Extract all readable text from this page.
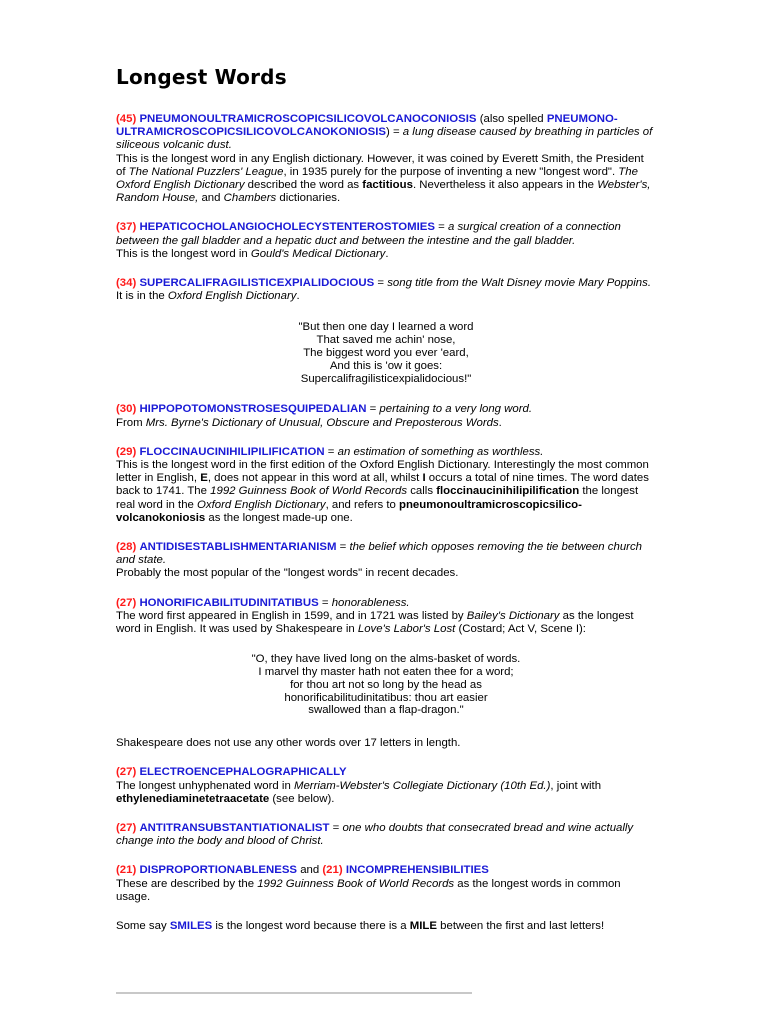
Longest Words

(45) PNEUMONOULTRAMICROSCOPICSILICOVOLCANOCONIOSIS (also spelled PNEUMONO-ULTRAMICROSCOPICSILICOVOLCANOKONIOSIS) = a lung disease caused by breathing in particles of siliceous volcanic dust.

This is the longest word in any English dictionary. However, it was coined by Everett Smith, the President of The National Puzzlers' League, in 1935 purely for the purpose of inventing a new "longest word". The Oxford English Dictionary described the word as factitious. Nevertheless it also appears in the Webster's, Random House, and Chambers dictionaries.

(37) HEPATICOCHOLANGIOCHOLECYSTENTEROSTOMIES = a surgical creation of a connection between the gall bladder and a hepatic duct and between the intestine and the gall bladder.

This is the longest word in Gould's Medical Dictionary.

(34) SUPERCALIFRAGILISTICEXPIALIDOCIOUS = song title from the Walt Disney movie Mary Poppins.

It is in the Oxford English Dictionary.

"But then one day I learned a word
That saved me achin' nose,
The biggest word you ever 'eard,
And this is 'ow it goes:
Supercalifragilisticexpialidocious!"

(30) HIPPOPOTOMONSTROSESQUIPEDALIAN = pertaining to a very long word.

From Mrs. Byrne's Dictionary of Unusual, Obscure and Preposterous Words.

(29) FLOCCINAUCINIHILIPILIFICATION = an estimation of something as worthless.

This is the longest word in the first edition of the Oxford English Dictionary. Interestingly the most common letter in English, E, does not appear in this word at all, whilst I occurs a total of nine times. The word dates back to 1741. The 1992 Guinness Book of World Records calls floccinaucinihilipilification the longest real word in the Oxford English Dictionary, and refers to pneumonoultramicroscopicsilico-volcanokoniosis as the longest made-up one.

(28) ANTIDISESTABLISHMENTARIANISM = the belief which opposes removing the tie between church and state.

Probably the most popular of the "longest words" in recent decades.

(27) HONORIFICABILITUDINITATIBUS = honorableness.

The word first appeared in English in 1599, and in 1721 was listed by Bailey's Dictionary as the longest word in English. It was used by Shakespeare in Love's Labor's Lost (Costard; Act V, Scene I):

"O, they have lived long on the alms-basket of words.
I marvel thy master hath not eaten thee for a word;
for thou art not so long by the head as
honorificabilitudinitatibus: thou art easier
swallowed than a flap-dragon."

Shakespeare does not use any other words over 17 letters in length.

(27) ELECTROENCEPHALOGRAPHICALLY

The longest unhyphenated word in Merriam-Webster's Collegiate Dictionary (10th Ed.), joint with ethylenediaminetetraacetate (see below).

(27) ANTITRANSUBSTANTIATIONALIST = one who doubts that consecrated bread and wine actually change into the body and blood of Christ.

(21) DISPROPORTIONABLENESS and (21) INCOMPREHENSIBILITIES

These are described by the 1992 Guinness Book of World Records as the longest words in common usage.

Some say SMILES is the longest word because there is a MILE between the first and last letters!
